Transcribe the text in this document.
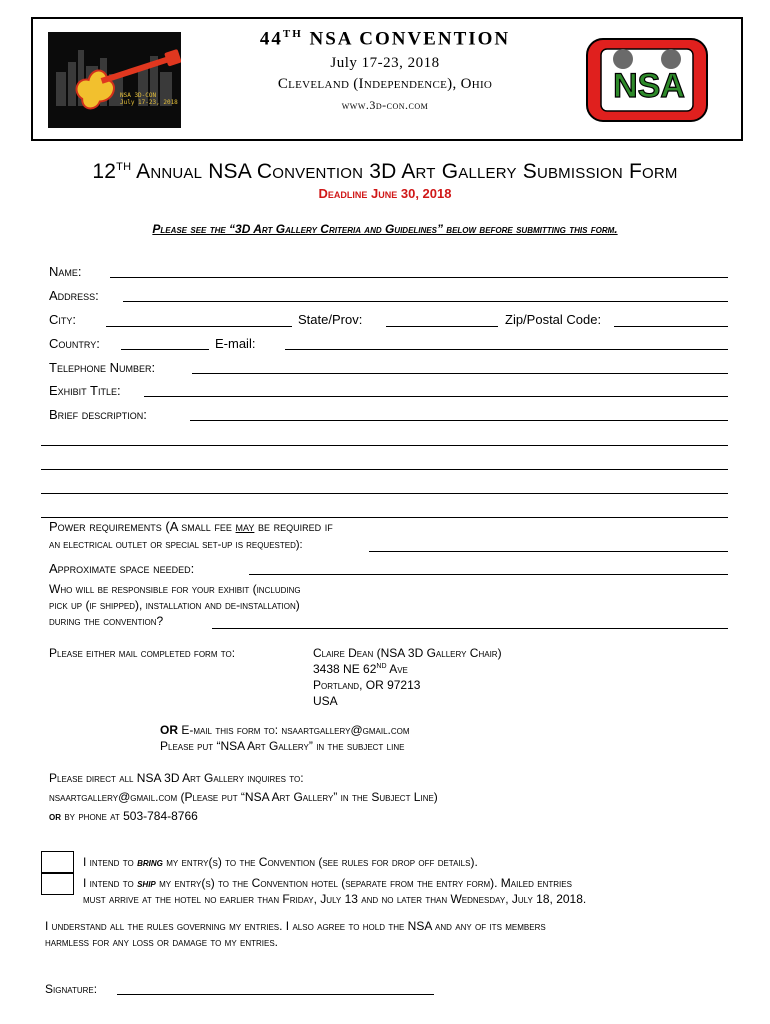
NSA 3D-CON
July 17-23, 2018
44TH NSA CONVENTION
July 17-23, 2018
Cleveland (Independence), Ohio
www.3d-con.com	NSA
12TH Annual NSA Convention 3D Art Gallery Submission Form
Deadline June 30, 2018
Please see the “3D Art Gallery Criteria and Guidelines” below before submitting this form.
Name:
Address:
City:	State/Prov:	Zip/Postal Code:
Country:	E-mail:
Telephone Number:
Exhibit Title:
Brief description:
Power requirements (A small fee may be required if
an electrical outlet or special set-up is requested):
Approximate space needed:
Who will be responsible for your exhibit (including
pick up (if shipped), installation and de-installation)
during the convention?
Please either mail completed form to:	Claire Dean (NSA 3D Gallery Chair)
3438 NE 62ND Ave
Portland, OR 97213
USA
OR E-mail this form to: nsaartgallery@gmail.com
Please put “NSA Art Gallery” in the subject line
Please direct all NSA 3D Art Gallery inquires to:
nsaartgallery@gmail.com (Please put “NSA Art Gallery” in the Subject Line)
or by phone at 503-784-8766
I intend to bring my entry(s) to the Convention (see rules for drop off details).
I intend to ship my entry(s) to the Convention hotel (separate from the entry form). Mailed entries
must arrive at the hotel no earlier than Friday, July 13 and no later than Wednesday, July 18, 2018.
I understand all the rules governing my entries. I also agree to hold the NSA and any of its members
harmless for any loss or damage to my entries.
Signature:
